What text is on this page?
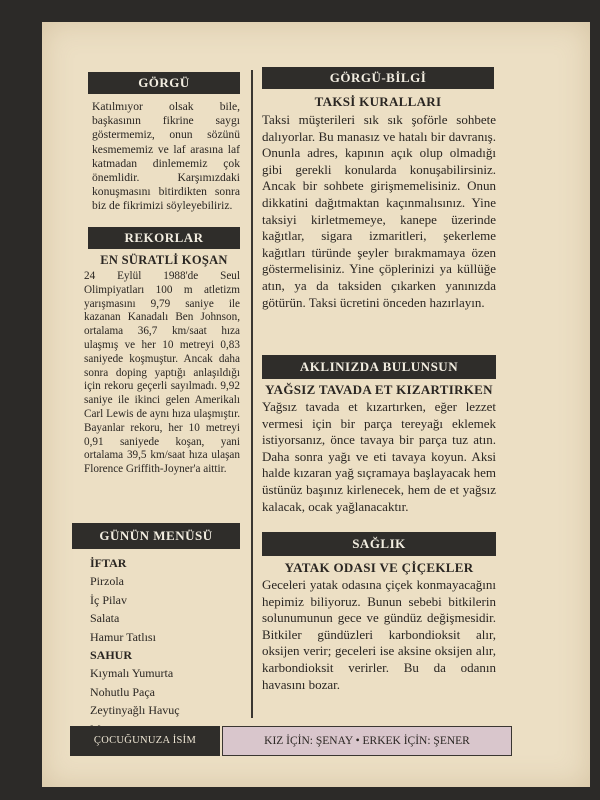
GÖRGÜ
Katılmıyor olsak bile, başkasının fikrine saygı göstermemiz, onun sözünü kesmememiz ve laf arasına laf katmadan dinlememiz çok önemlidir. Karşımızdaki konuşmasını bitirdikten sonra biz de fikrimizi söyleyebiliriz.
REKORLAR
EN SÜRATLİ KOŞAN
24 Eylül 1988'de Seul Olimpiyatları 100 m atletizm yarışmasını 9,79 saniye ile kazanan Kanadalı Ben Johnson, ortalama 36,7 km/saat hıza ulaşmış ve her 10 metreyi 0,83 saniyede koşmuştur. Ancak daha sonra doping yaptığı anlaşıldığı için rekoru geçerli sayılmadı. 9,92 saniye ile ikinci gelen Amerikalı Carl Lewis de aynı hıza ulaşmıştır. Bayanlar rekoru, her 10 metreyi 0,91 saniyede koşan, yani ortalama 39,5 km/saat hıza ulaşan Florence Griffith-Joyner'a aittir.
GÜNÜN MENÜSÜ
İFTAR
Pirzola
İç Pilav
Salata
Hamur Tatlısı
SAHUR
Kıymalı Yumurta
Nohutlu Paça
Zeytinyağlı Havuç
GÖRGÜ-BİLGİ
TAKSİ KURALLARI
Taksi müşterileri sık sık şoförle sohbete dalıyorlar. Bu manasız ve hatalı bir davranış. Onunla adres, kapının açık olup olmadığı gibi gerekli konularda konuşabilirsiniz. Ancak bir sohbete girişmemelisiniz. Onun dikkatini dağıtmaktan kaçınmalısınız. Yine taksiyi kirletmemeye, kanepe üzerinde kağıtlar, sigara izmaritleri, şekerleme kağıtları türünde şeyler bırakmamaya özen göstermelisiniz. Yine çöplerinizi ya küllüğe atın, ya da taksiden çıkarken yanınızda götürün. Taksi ücretini önceden hazırlayın.
AKLINIZDA BULUNSUN
YAĞSIZ TAVADA ET KIZARTIRKEN
Yağsız tavada et kızartırken, eğer lezzet vermesi için bir parça tereyağı eklemek istiyorsanız, önce tavaya bir parça tuz atın. Daha sonra yağı ve eti tavaya koyun. Aksi halde kızaran yağ sıçramaya başlayacak hem üstünüz başınız kirlenecek, hem de et yağsız kalacak, ocak yağlanacaktır.
SAĞLIK
YATAK ODASI VE ÇİÇEKLER
Geceleri yatak odasına çiçek konmayacağını hepimiz biliyoruz. Bunun sebebi bitkilerin solunumunun gece ve gündüz değişmesidir. Bitkiler gündüzleri karbondioksit alır, oksijen verir; geceleri ise aksine oksijen alır, karbondioksit verirler. Bu da odanın havasını bozar.
ÇOCUĞUNUZA İSİM	KIZ İÇİN: ŞENAY • ERKEK İÇİN: ŞENER
